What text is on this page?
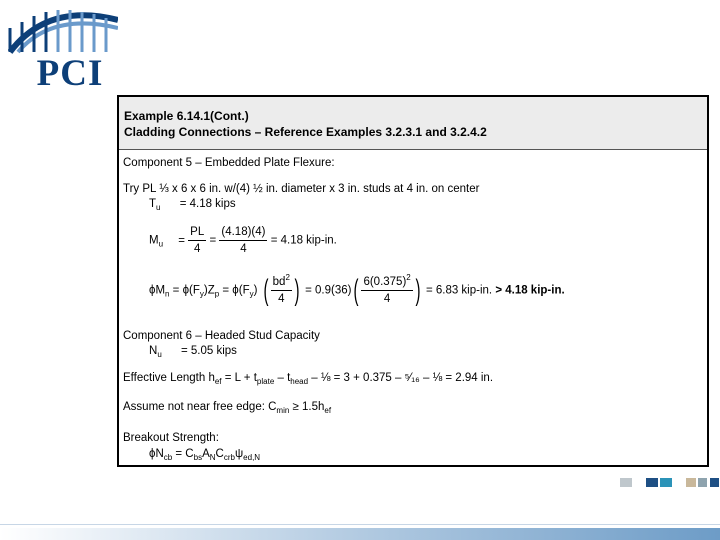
PCI
Example 6.14.1(Cont.)
Cladding Connections – Reference Examples 3.2.3.1 and 3.2.4.2
Component 5 – Embedded Plate Flexure:
Try PL ⅓ x 6 x 6 in. w/(4) ½ in. diameter x 3 in. studs at 4 in. on center
$T_u = 4.18$ kips
$M_u = \frac{PL}{4} = \frac{(4.18)(4)}{4} = 4.18$ kip-in.
$\phi M_n = \phi(F_y)Z_p = \phi(F_y)$ ( $\frac{bd^2}{4}$ ) = $0.9(36)( \frac{6(0.375)^2}{4}$ ) = 6.83 kip-in. > 4.18 kip-in.
Component 6 – Headed Stud Capacity
$N_u = 5.05$ kips
Effective Length $h_{ef} = L + t_{plate} - t_{head}$ – ⅛ = 3 + 0.375 – ⁵⁄₁₆ – ⅛ = 2.94 in.
Assume not near free edge: $C_{min} \ge 1.5h_{ef}$
Breakout Strength:
$\phi N_{cb} = C_{bs}A_NC_{crb}\psi_{ed,N}$
